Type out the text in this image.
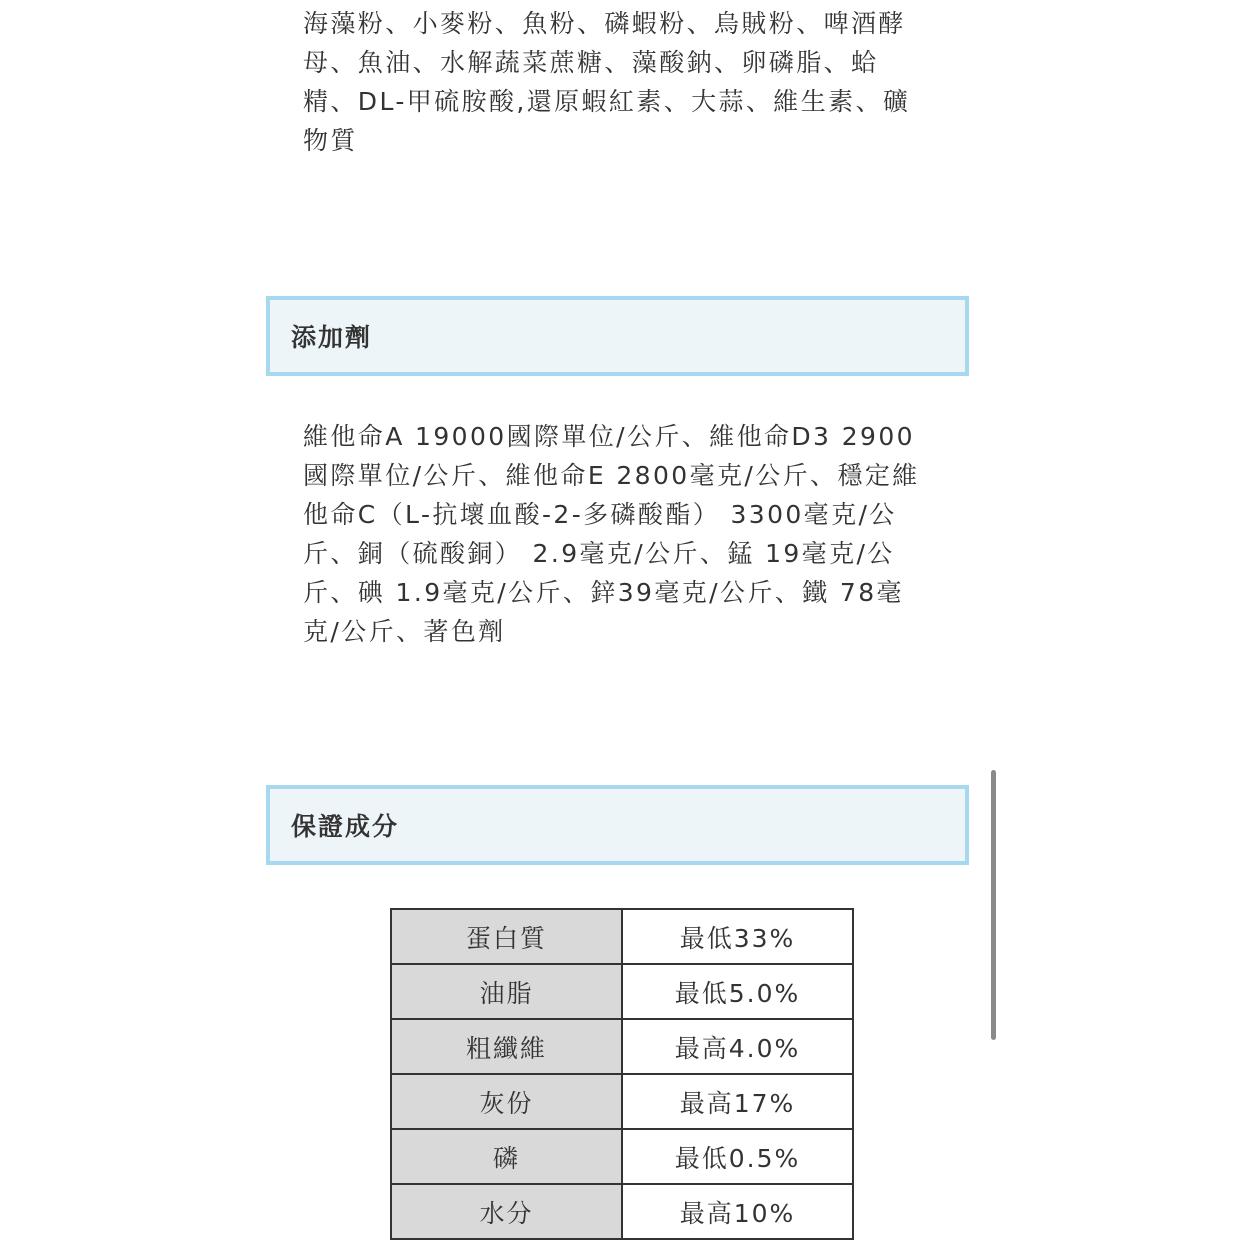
海藻粉、小麥粉、魚粉、磷蝦粉、烏賊粉、啤酒酵
母、魚油、水解蔬菜蔗糖、藻酸鈉、卵磷脂、蛤
精、DL-甲硫胺酸,還原蝦紅素、大蒜、維生素、礦
物質
添加劑
維他命A 19000國際單位/公斤、維他命D3 2900
國際單位/公斤、維他命E 2800毫克/公斤、穩定維
他命C（L-抗壞血酸-2-多磷酸酯） 3300毫克/公
斤、銅（硫酸銅） 2.9毫克/公斤、錳 19毫克/公
斤、碘 1.9毫克/公斤、鋅39毫克/公斤、鐵 78毫
克/公斤、著色劑
保證成分
蛋白質	最低33%
油脂	最低5.0%
粗纖維	最高4.0%
灰份	最高17%
磷	最低0.5%
水分	最高10%
